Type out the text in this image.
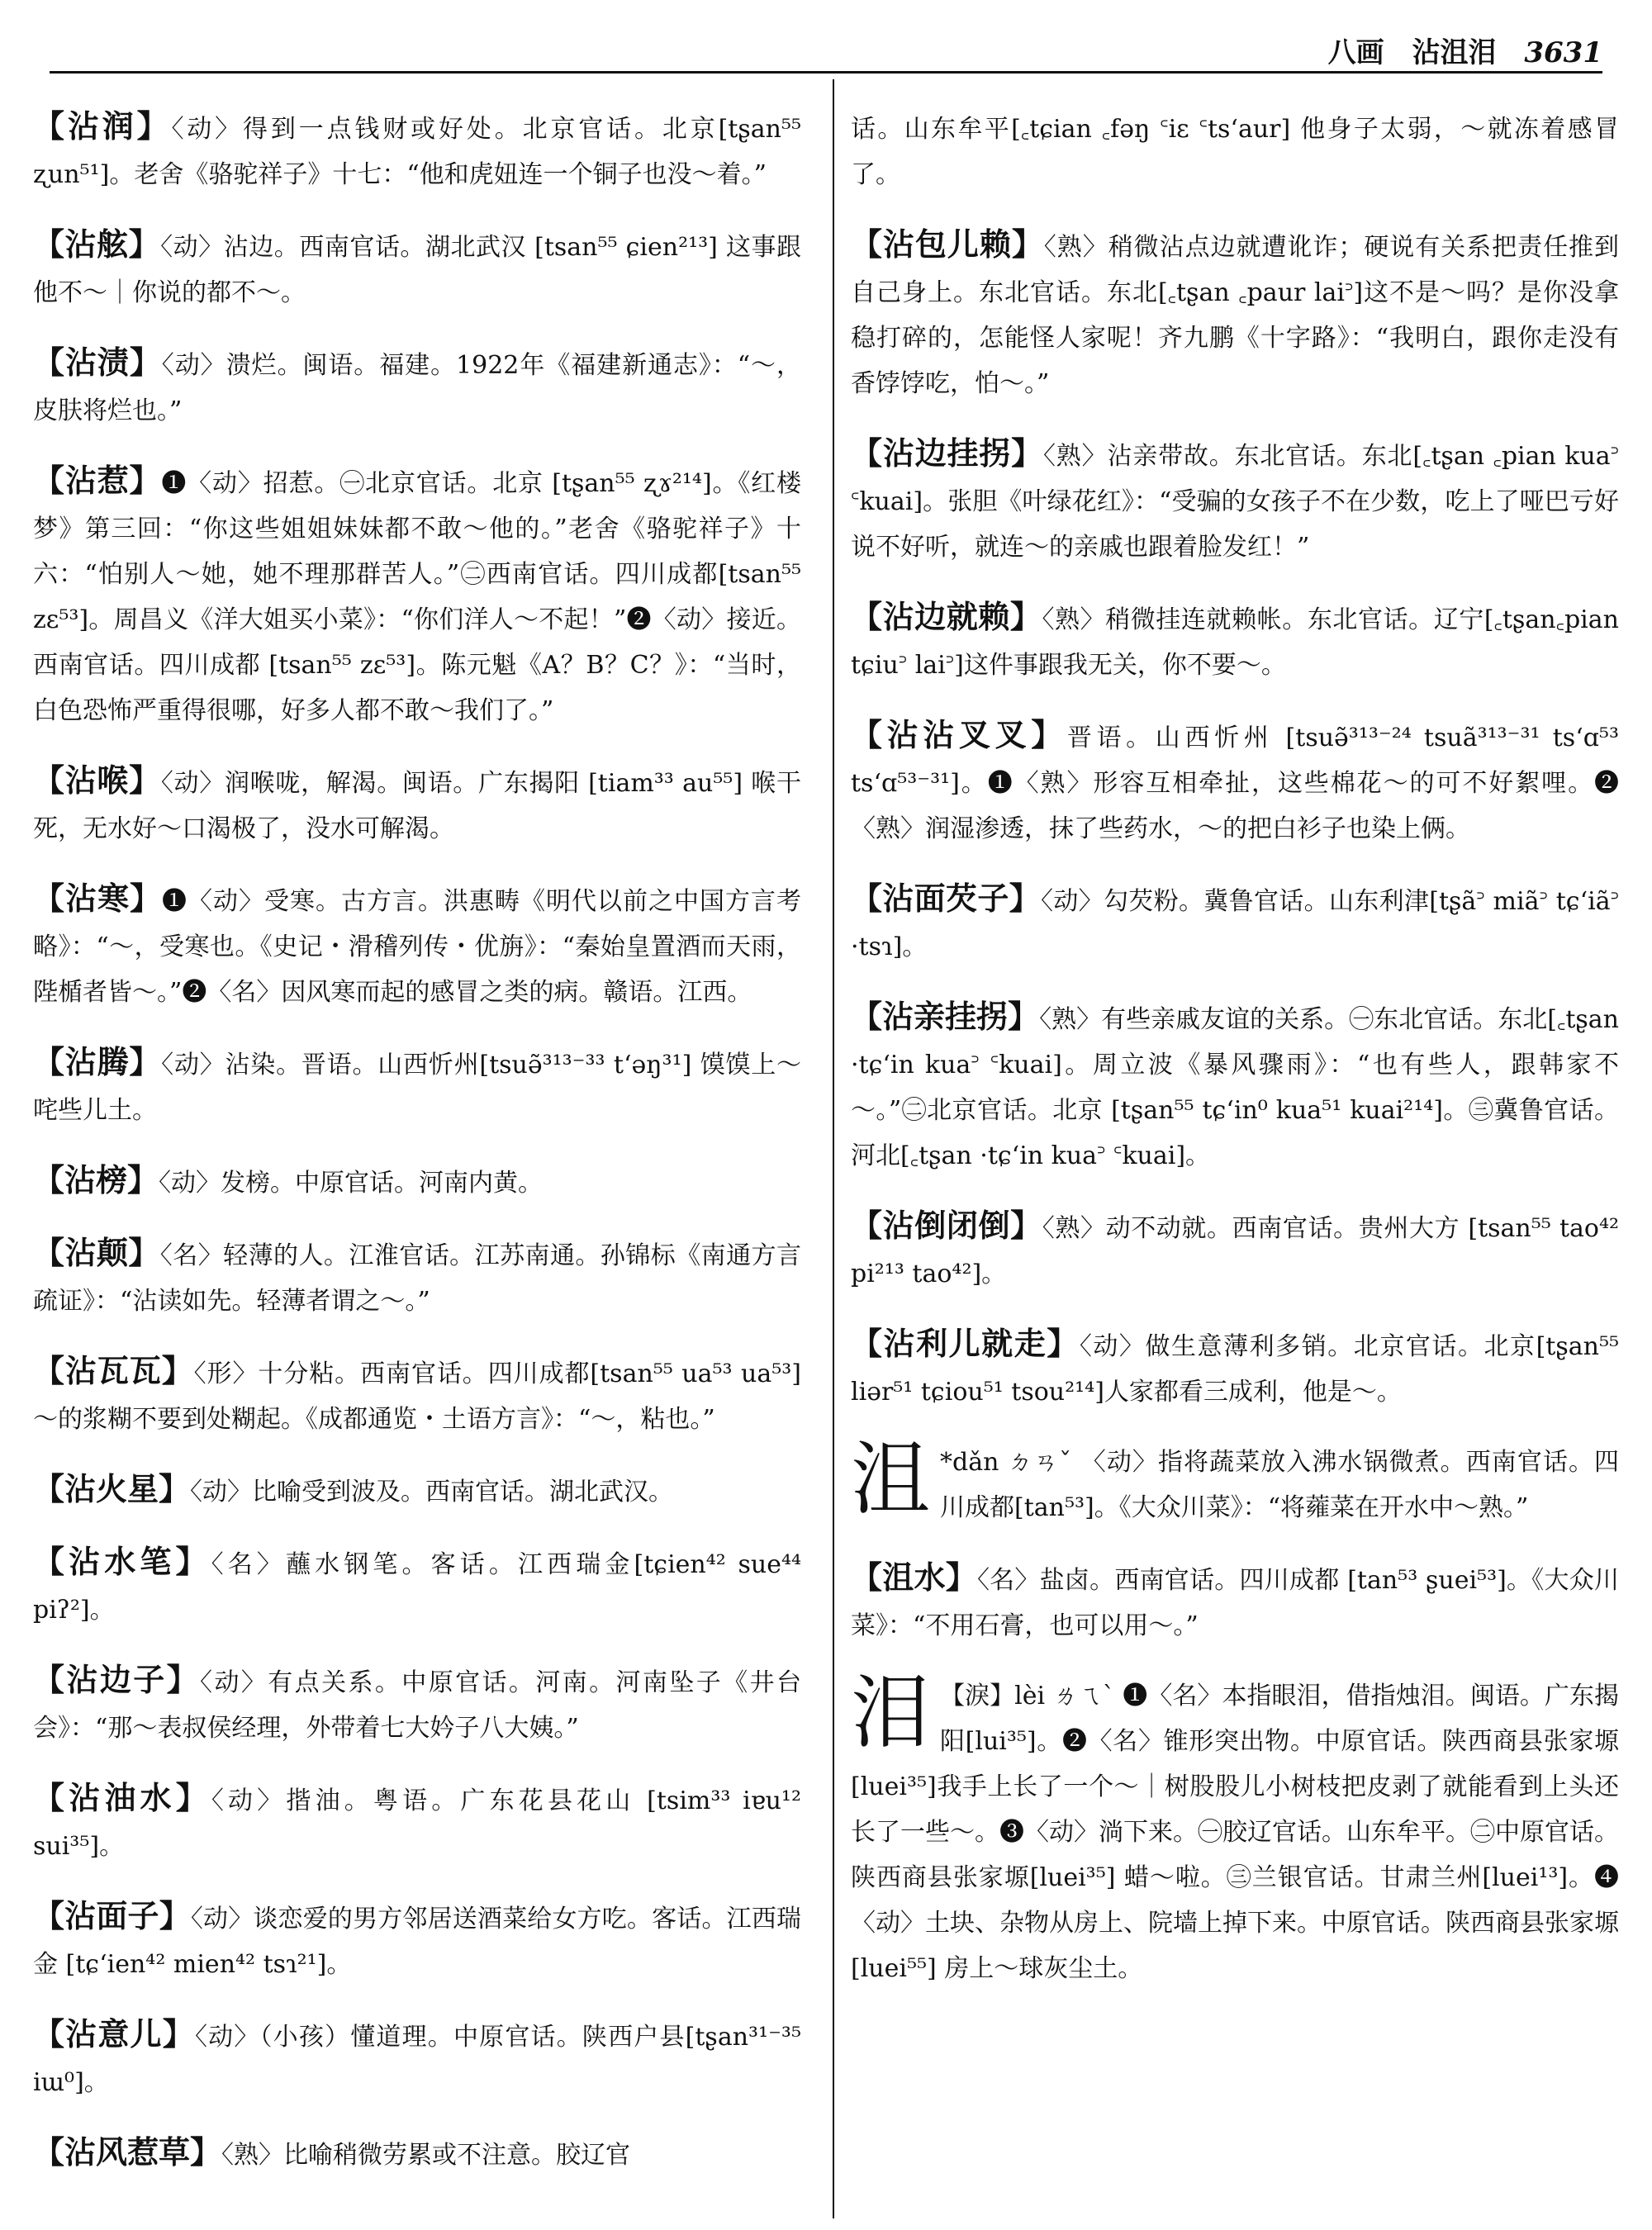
八画 沾沮泪 3631

【沾润】〈动〉得到一点钱财或好处。北京官话。北京[tʂan⁵⁵ ʐun⁵¹]。老舍《骆驼祥子》十七：“他和虎妞连一个铜子也没～着。”

【沾舷】〈动〉沾边。西南官话。湖北武汉 [tsan⁵⁵ ɕien²¹³] 这事跟他不～｜你说的都不～。

【沾渍】〈动〉溃烂。闽语。福建。1922年《福建新通志》：“～，皮肤将烂也。”

【沾惹】❶〈动〉招惹。㊀北京官话。北京 [tʂan⁵⁵ ʐɤ²¹⁴]。《红楼梦》第三回：“你这些姐姐妹妹都不敢～他的。”老舍《骆驼祥子》十六：“怕别人～她，她不理那群苦人。”㊁西南官话。四川成都[tsan⁵⁵ zɛ⁵³]。周昌义《洋大姐买小菜》：“你们洋人～不起！”❷〈动〉接近。西南官话。四川成都 [tsan⁵⁵ zɛ⁵³]。陈元魁《A？B？C？》：“当时，白色恐怖严重得很哪，好多人都不敢～我们了。”

【沾喉】〈动〉润喉咙，解渴。闽语。广东揭阳 [tiam³³ au⁵⁵] 喉干死，无水好～口渴极了，没水可解渴。

【沾寒】❶〈动〉受寒。古方言。洪惠畴《明代以前之中国方言考略》：“～，受寒也。《史记・滑稽列传・优旃》：“秦始皇置酒而天雨，陛楯者皆～。”❷〈名〉因风寒而起的感冒之类的病。赣语。江西。

【沾腾】〈动〉沾染。晋语。山西忻州[tsuə̃³¹³⁻³³ t‘əŋ³¹] 馍馍上～咤些儿土。

【沾榜】〈动〉发榜。中原官话。河南内黄。

【沾颠】〈名〉轻薄的人。江淮官话。江苏南通。孙锦标《南通方言疏证》：“沾读如先。轻薄者谓之～。”

【沾瓦瓦】〈形〉十分粘。西南官话。四川成都[tsan⁵⁵ ua⁵³ ua⁵³] ～的浆糊不要到处糊起。《成都通览・土语方言》：“～，粘也。”

【沾火星】〈动〉比喻受到波及。西南官话。湖北武汉。

【沾水笔】〈名〉蘸水钢笔。客话。江西瑞金[tɕien⁴² sue⁴⁴ piʔ²]。

【沾边子】〈动〉有点关系。中原官话。河南。河南坠子《井台会》：“那～表叔侯经理，外带着七大妗子八大姨。”

【沾油水】〈动〉揩油。粤语。广东花县花山 [tsim³³ iɐu¹² sui³⁵]。

【沾面子】〈动〉谈恋爱的男方邻居送酒菜给女方吃。客话。江西瑞金 [tɕ‘ien⁴² mien⁴² tsɿ²¹]。

【沾意儿】〈动〉（小孩）懂道理。中原官话。陕西户县[tʂan³¹⁻³⁵ iɯ⁰]。

【沾风惹草】〈熟〉比喻稍微劳累或不注意。胶辽官

话。山东牟平[꜀tɕian ꜀fəŋ ꜂iɛ ꜂ts‘aur] 他身子太弱，～就冻着感冒了。

【沾包儿赖】〈熟〉稍微沾点边就遭讹诈；硬说有关系把责任推到自己身上。东北官话。东北[꜀tʂan ꜀paur lai꜄]这不是～吗？是你没拿稳打碎的，怎能怪人家呢！齐九鹏《十字路》：“我明白，跟你走没有香饽饽吃，怕～。”

【沾边挂拐】〈熟〉沾亲带故。东北官话。东北[꜀tʂan ꜀pian kua꜄ ꜂kuai]。张胆《叶绿花红》：“受骗的女孩子不在少数，吃上了哑巴亏好说不好听，就连～的亲戚也跟着脸发红！”

【沾边就赖】〈熟〉稍微挂连就赖帐。东北官话。辽宁[꜀tʂan꜀pian tɕiu꜄ lai꜄]这件事跟我无关，你不要～。

【沾沾叉叉】晋语。山西忻州 [tsuə̃³¹³⁻²⁴ tsuã³¹³⁻³¹ ts‘ɑ⁵³ ts‘ɑ⁵³⁻³¹]。❶〈熟〉形容互相牵扯，这些棉花～的可不好絮哩。❷〈熟〉润湿渗透，抹了些药水，～的把白衫子也染上俩。

【沾面芡子】〈动〉勾芡粉。冀鲁官话。山东利津[tʂã꜄ miã꜄ tɕ‘iã꜄ ·tsɿ]。

【沾亲挂拐】〈熟〉有些亲戚友谊的关系。㊀东北官话。东北[꜀tʂan ·tɕ‘in kua꜄ ꜂kuai]。周立波《暴风骤雨》：“也有些人，跟韩家不～。”㊁北京官话。北京 [tʂan⁵⁵ tɕ‘in⁰ kua⁵¹ kuai²¹⁴]。㊂冀鲁官话。河北[꜀tʂan ·tɕ‘in kua꜄ ꜂kuai]。

【沾倒闭倒】〈熟〉动不动就。西南官话。贵州大方 [tsan⁵⁵ tao⁴² pi²¹³ tao⁴²]。

【沾利儿就走】〈动〉做生意薄利多销。北京官话。北京[tʂan⁵⁵ liər⁵¹ tɕiou⁵¹ tsou²¹⁴]人家都看三成利，他是～。

沮 *dǎn ㄉㄢˇ 〈动〉指将蔬菜放入沸水锅微煮。西南官话。四川成都[tan⁵³]。《大众川菜》：“将蕹菜在开水中～熟。”

【沮水】〈名〉盐卤。西南官话。四川成都 [tan⁵³ ʂuei⁵³]。《大众川菜》：“不用石膏，也可以用～。”

泪 【淚】lèi ㄌㄟˋ ❶〈名〉本指眼泪，借指烛泪。闽语。广东揭阳[lui³⁵]。❷〈名〉锥形突出物。中原官话。陕西商县张家塬[luei³⁵]我手上长了一个～｜树股股儿小树枝把皮剥了就能看到上头还长了一些～。❸〈动〉淌下来。㊀胶辽官话。山东牟平。㊁中原官话。陕西商县张家塬[luei³⁵] 蜡～啦。㊂兰银官话。甘肃兰州[luei¹³]。❹〈动〉土块、杂物从房上、院墙上掉下来。中原官话。陕西商县张家塬[luei⁵⁵] 房上～球灰尘土。
